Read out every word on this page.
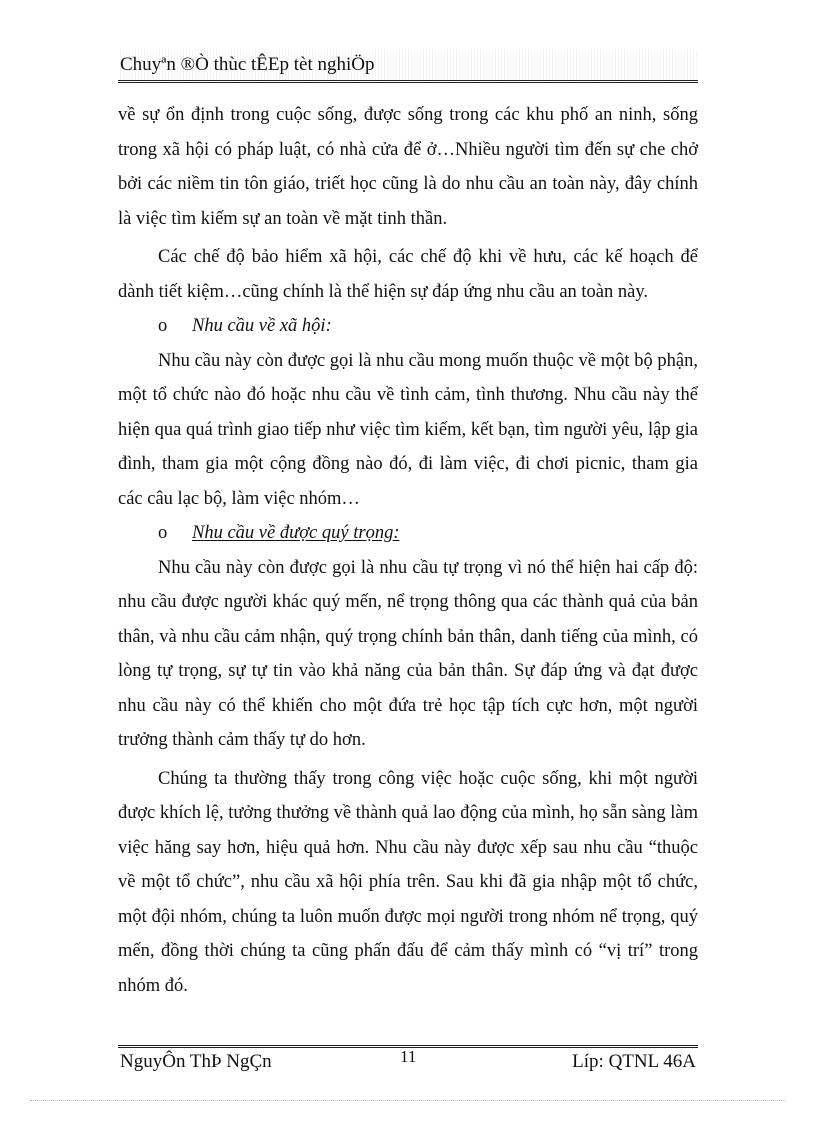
Chuyªn ®Ò thùc tÊEp tèt nghiÖp

về sự ổn định trong cuộc sống, được sống trong các khu phố an ninh, sống trong xã hội có pháp luật, có nhà cửa để ở…Nhiều người tìm đến sự che chở bởi các niềm tin tôn giáo, triết học cũng là do nhu cầu an toàn này, đây chính là việc tìm kiếm sự an toàn về mặt tinh thần.

Các chế độ bảo hiểm xã hội, các chế độ khi về hưu, các kế hoạch để dành tiết kiệm…cũng chính là thể hiện sự đáp ứng nhu cầu an toàn này.

o	Nhu cầu về xã hội:

Nhu cầu này còn được gọi là nhu cầu mong muốn thuộc về một bộ phận, một tổ chức nào đó hoặc nhu cầu về tình cảm, tình thương. Nhu cầu này thể hiện qua quá trình giao tiếp như việc tìm kiếm, kết bạn, tìm người yêu, lập gia đình, tham gia một cộng đồng nào đó, đi làm việc, đi chơi picnic, tham gia các câu lạc bộ, làm việc nhóm…

o	Nhu cầu về được quý trọng:

Nhu cầu này còn được gọi là nhu cầu tự trọng vì nó thể hiện hai cấp độ: nhu cầu được người khác quý mến, nể trọng thông qua các thành quả của bản thân, và nhu cầu cảm nhận, quý trọng chính bản thân, danh tiếng của mình, có lòng tự trọng, sự tự tin vào khả năng của bản thân. Sự đáp ứng và đạt được nhu cầu này có thể khiến cho một đứa trẻ học tập tích cực hơn, một người trưởng thành cảm thấy tự do hơn.

Chúng ta thường thấy trong công việc hoặc cuộc sống, khi một người được khích lệ, tưởng thưởng về thành quả lao động của mình, họ sẵn sàng làm việc hăng say hơn, hiệu quả hơn. Nhu cầu này được xếp sau nhu cầu “thuộc về một tổ chức”, nhu cầu xã hội phía trên. Sau khi đã gia nhập một tổ chức, một đội nhóm, chúng ta luôn muốn được mọi người trong nhóm nể trọng, quý mến, đồng thời chúng ta cũng phấn đấu để cảm thấy mình có “vị trí” trong nhóm đó.

NguyÔn ThÞ NgÇn	11	Líp: QTNL 46A
